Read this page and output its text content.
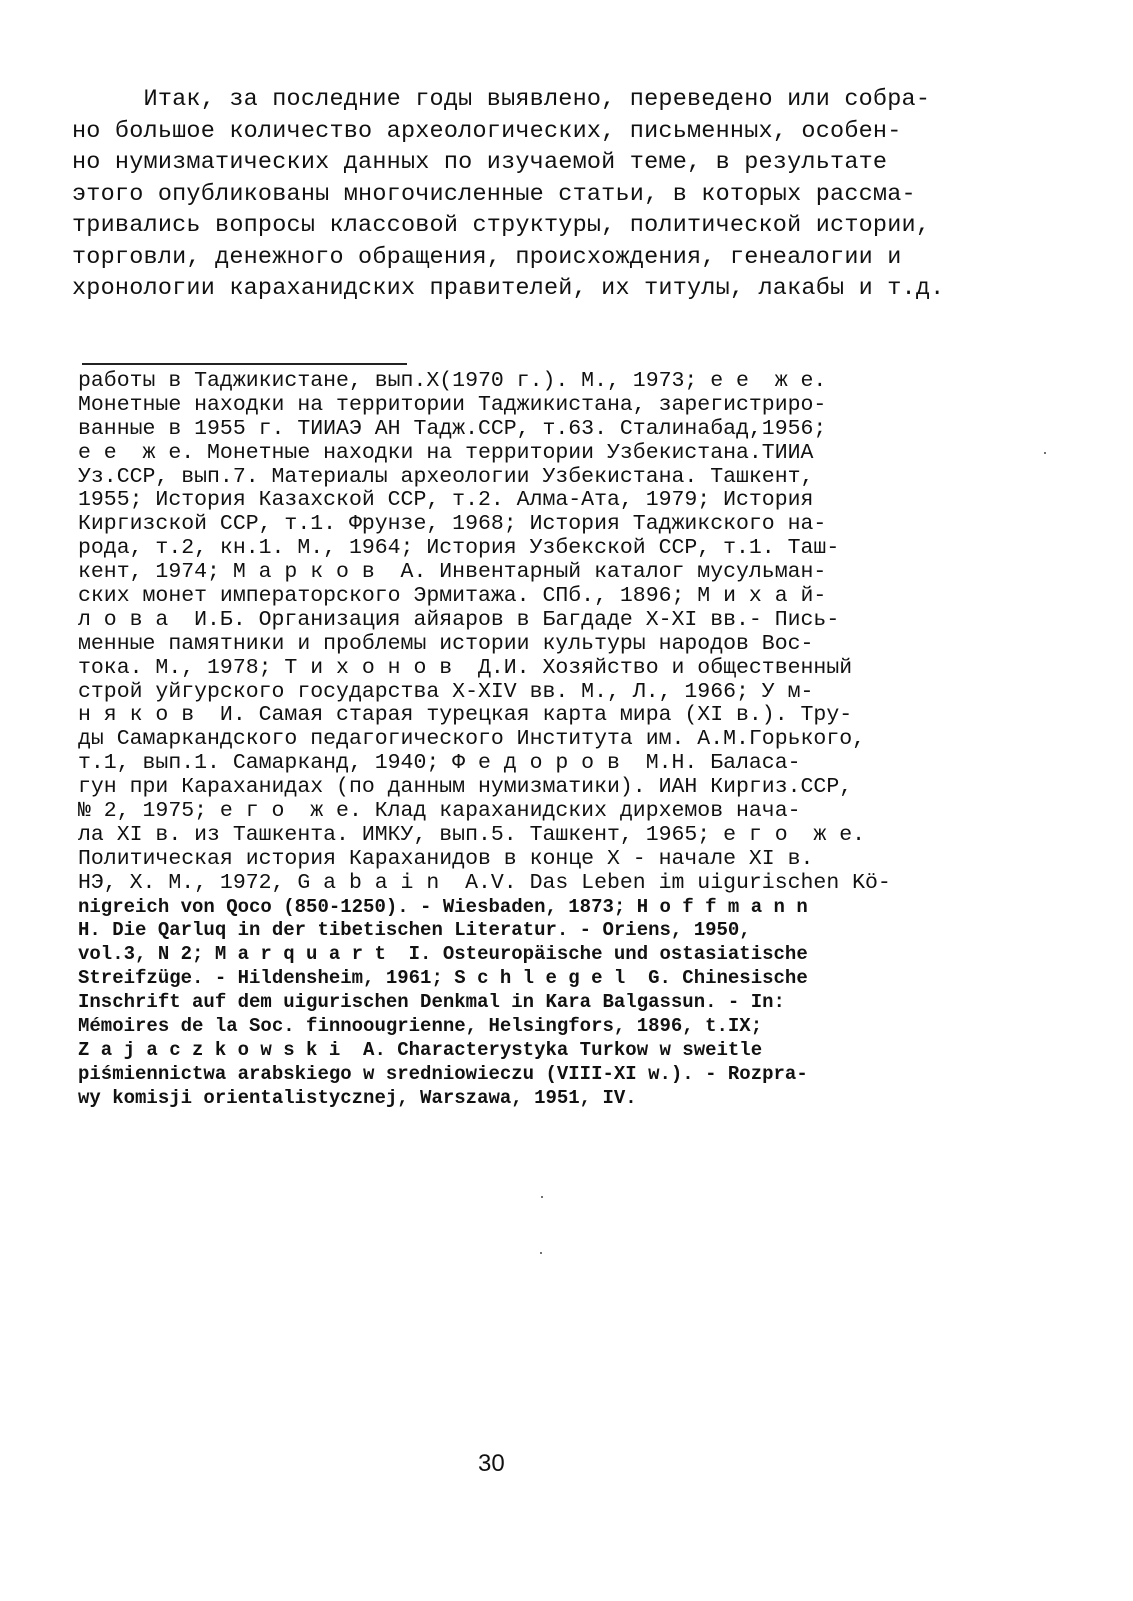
Итак, за последние годы выявлено, переведено или собра-
но большое количество археологических, письменных, особен-
но нумизматических данных по изучаемой теме, в результате
этого опубликованы многочисленные статьи, в которых рассма-
тривались вопросы классовой структуры, политической истории,
торговли, денежного обращения, происхождения, генеалогии и
хронологии караханидских правителей, их титулы, лакабы и т.д.
работы в Таджикистане, вып.Х(1970 г.). М., 1973; е е  ж е.
Монетные находки на территории Таджикистана, зарегистриро-
ванные в 1955 г. ТИИАЭ АН Тадж.ССР, т.63. Сталинабад,1956;
е е  ж е. Монетные находки на территории Узбекистана.ТИИА
Уз.ССР, вып.7. Материалы археологии Узбекистана. Ташкент,
1955; История Казахской ССР, т.2. Алма-Ата, 1979; История
Киргизской ССР, т.1. Фрунзе, 1968; История Таджикского на-
рода, т.2, кн.1. М., 1964; История Узбекской ССР, т.1. Таш-
кент, 1974; М а р к о в  А. Инвентарный каталог мусульман-
ских монет императорского Эрмитажа. СПб., 1896; М и х а й-
л о в а  И.Б. Организация айяаров в Багдаде Х-ХI вв.- Пись-
менные памятники и проблемы истории культуры народов Вос-
тока. М., 1978; Т и х о н о в  Д.И. Хозяйство и общественный
строй уйгурского государства Х-ХIV вв. М., Л., 1966; У м-
н я к о в  И. Самая старая турецкая карта мира (ХI в.). Тру-
ды Самаркандского педагогического Института им. А.М.Горького,
т.1, вып.1. Самарканд, 1940; Ф е д о р о в  М.Н. Баласа-
гун при Караханидах (по данным нумизматики). ИАН Киргиз.ССР,
№ 2, 1975; е г о  ж е. Клад караханидских дирхемов нача-
ла ХI в. из Ташкента. ИМКУ, вып.5. Ташкент, 1965; е г о  ж е.
Политическая история Караханидов в конце Х - начале ХI в.
НЭ, Х. М., 1972, G a b a i n  A.V. Das Leben im uigurischen Kö-
nigreich von Qoco (850-1250). - Wiesbaden, 1873; H o f f m a n n
H. Die Qarluq in der tibetischen Literatur. - Oriens, 1950,
vol.3, N 2; M a r q u a r t  I. Osteuropäische und ostasiatische
Streifzüge. - Hildensheim, 1961; S c h l e g e l  G. Chinesische
Inschrift auf dem uigurischen Denkmal in Kara Balgassun. - In:
Mémoires de la Soc. finnoougrienne, Helsingfors, 1896, t.IX;
Z a j a c z k o w s k i  A. Characterystyka Turkow w sweitle
piśmiennictwa arabskiego w sredniowieczu (VIII-XI w.). - Rozpra-
wy komisji orientalistycznej, Warszawa, 1951, IV.
30
